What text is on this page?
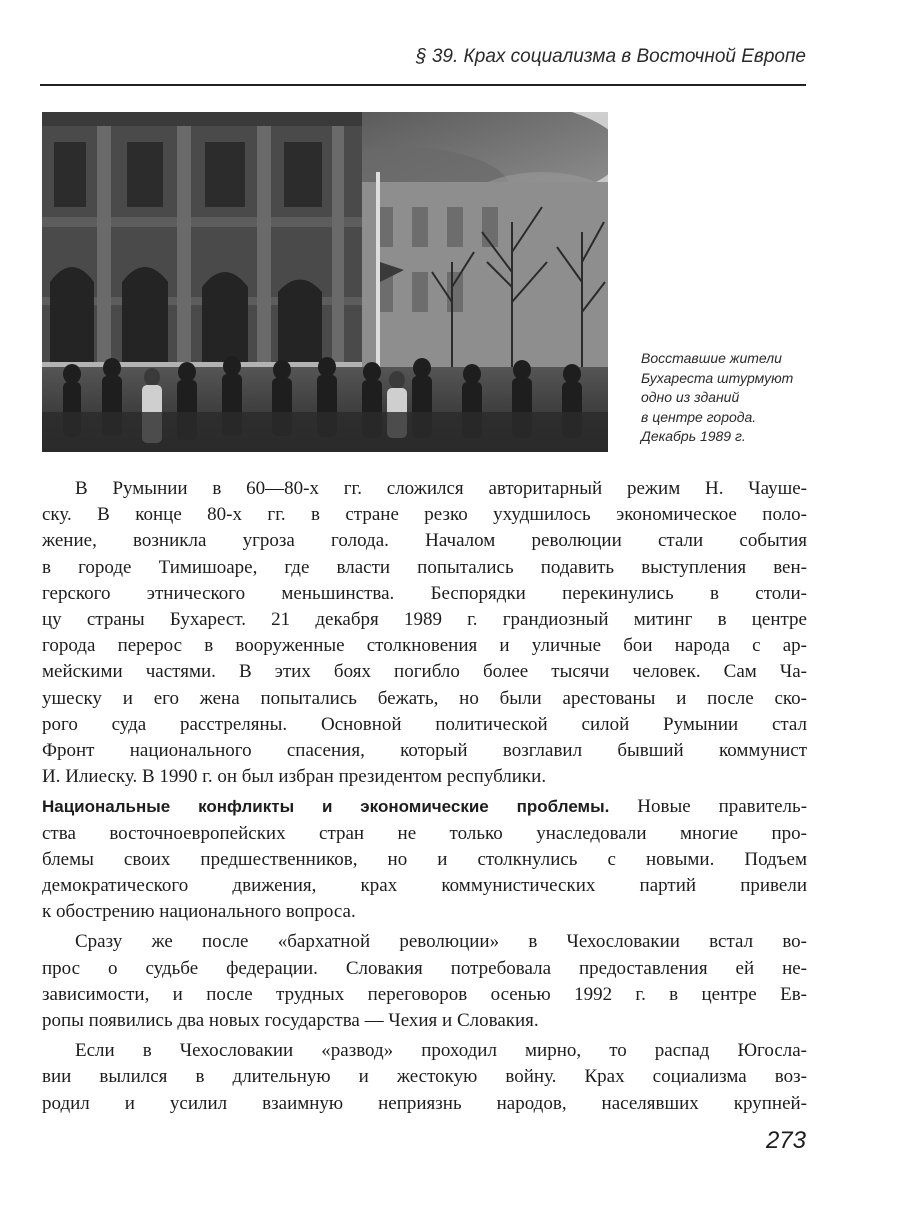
§ 39. Крах социализма в Восточной Европе
Восставшие жители
Бухареста штурмуют
одно из зданий
в центре города.
Декабрь 1989 г.
В Румынии в 60—80-х гг. сложился авторитарный режим Н. Чауше-
ску. В конце 80-х гг. в стране резко ухудшилось экономическое поло-
жение, возникла угроза голода. Началом революции стали события
в городе Тимишоаре, где власти попытались подавить выступления вен-
герского этнического меньшинства. Беспорядки перекинулись в столи-
цу страны Бухарест. 21 декабря 1989 г. грандиозный митинг в центре
города перерос в вооруженные столкновения и уличные бои народа с ар-
мейскими частями. В этих боях погибло более тысячи человек. Сам Ча-
ушеску и его жена попытались бежать, но были арестованы и после ско-
рого суда расстреляны. Основной политической силой Румынии стал
Фронт национального спасения, который возглавил бывший коммунист
И. Илиеску. В 1990 г. он был избран президентом республики.
Национальные конфликты и экономические проблемы. Новые правитель-
ства восточноевропейских стран не только унаследовали многие про-
блемы своих предшественников, но и столкнулись с новыми. Подъем
демократического движения, крах коммунистических партий привели
к обострению национального вопроса.
Сразу же после «бархатной революции» в Чехословакии встал во-
прос о судьбе федерации. Словакия потребовала предоставления ей не-
зависимости, и после трудных переговоров осенью 1992 г. в центре Ев-
ропы появились два новых государства — Чехия и Словакия.
Если в Чехословакии «развод» проходил мирно, то распад Югосла-
вии вылился в длительную и жестокую войну. Крах социализма воз-
родил и усилил взаимную неприязнь народов, населявших крупней-
273
